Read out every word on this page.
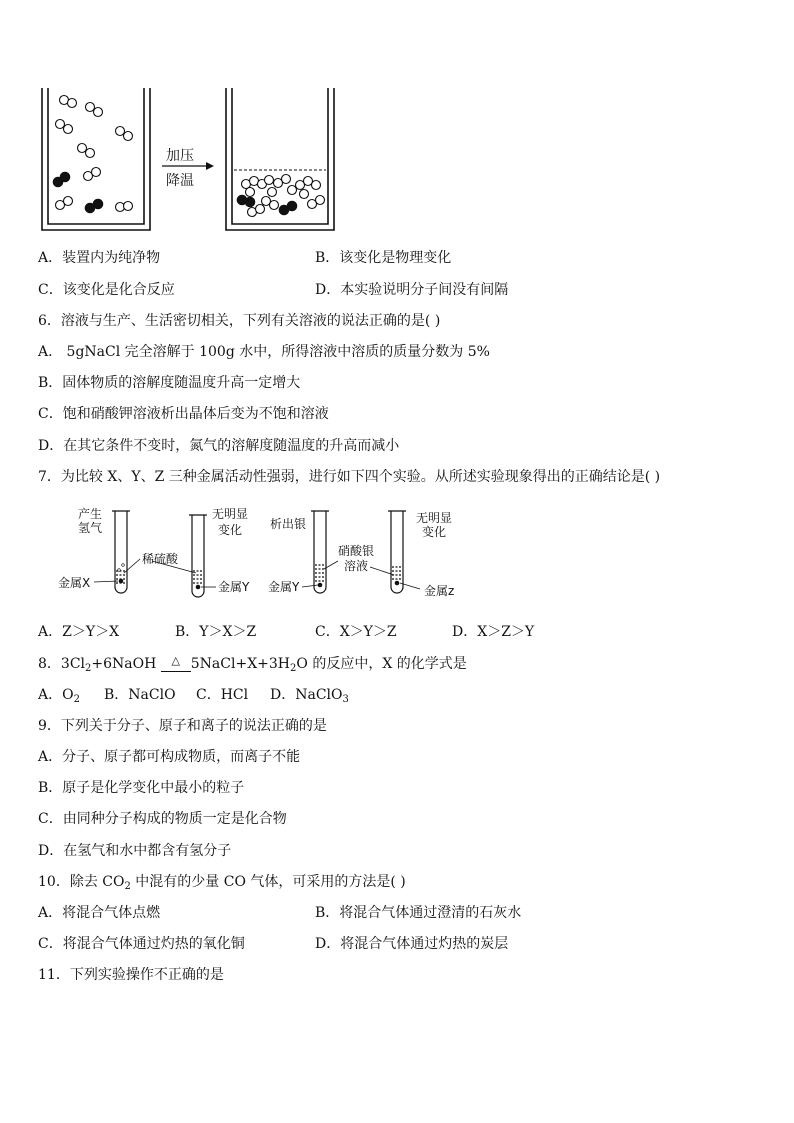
加压
降温
A．装置内为纯净物	B．该变化是物理变化
C．该变化是化合反应	D．本实验说明分子间没有间隔
6．溶液与生产、生活密切相关，下列有关溶液的说法正确的是( )
A． 5gNaCl 完全溶解于 100g 水中，所得溶液中溶质的质量分数为 5%
B．固体物质的溶解度随温度升高一定增大
C．饱和硝酸钾溶液析出晶体后变为不饱和溶液
D．在其它条件不变时，氮气的溶解度随温度的升高而减小
7．为比较 X、Y、Z 三种金属活动性强弱，进行如下四个实验。从所述实验现象得出的正确结论是( )
产生
氢气
稀硫酸
金属X
无明显
变化
金属Y
析出银
硝酸银
溶液
金属Y
无明显
变化
金属z
A．Z＞Y＞X	B．Y＞X＞Z	C．X＞Y＞Z	D．X＞Z＞Y
8．$3Cl_2+6NaOH$ △ $5NaCl+X+3H_2O$ 的反应中，X 的化学式是
A．$O_2$ B．NaClO C．HCl D．NaClO$_3$
9．下列关于分子、原子和离子的说法正确的是
A．分子、原子都可构成物质，而离子不能
B．原子是化学变化中最小的粒子
C．由同种分子构成的物质一定是化合物
D．在氢气和水中都含有氢分子
10．除去 $CO_2$ 中混有的少量 CO 气体，可采用的方法是( )
A．将混合气体点燃	B．将混合气体通过澄清的石灰水
C．将混合气体通过灼热的氧化铜	D．将混合气体通过灼热的炭层
11．下列实验操作不正确的是
